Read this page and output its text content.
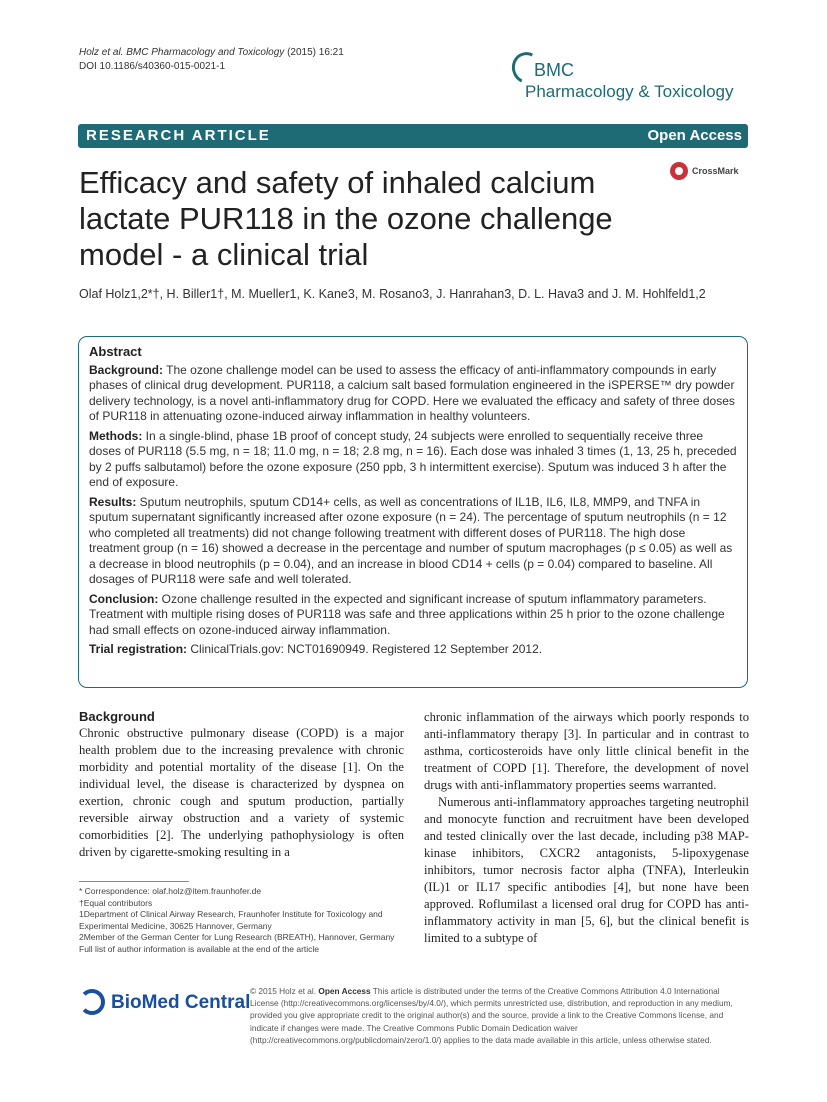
Holz et al. BMC Pharmacology and Toxicology (2015) 16:21
DOI 10.1186/s40360-015-0021-1	BMC
Pharmacology & Toxicology
RESEARCH ARTICLE	Open Access
CrossMark
Efficacy and safety of inhaled calcium lactate PUR118 in the ozone challenge model - a clinical trial
Olaf Holz1,2*†, H. Biller1†, M. Mueller1, K. Kane3, M. Rosano3, J. Hanrahan3, D. L. Hava3 and J. M. Hohlfeld1,2
Abstract

Background: The ozone challenge model can be used to assess the efficacy of anti-inflammatory compounds in early phases of clinical drug development. PUR118, a calcium salt based formulation engineered in the iSPERSE™ dry powder delivery technology, is a novel anti-inflammatory drug for COPD. Here we evaluated the efficacy and safety of three doses of PUR118 in attenuating ozone-induced airway inflammation in healthy volunteers.

Methods: In a single-blind, phase 1B proof of concept study, 24 subjects were enrolled to sequentially receive three doses of PUR118 (5.5 mg, n = 18; 11.0 mg, n = 18; 2.8 mg, n = 16). Each dose was inhaled 3 times (1, 13, 25 h, preceded by 2 puffs salbutamol) before the ozone exposure (250 ppb, 3 h intermittent exercise). Sputum was induced 3 h after the end of exposure.

Results: Sputum neutrophils, sputum CD14+ cells, as well as concentrations of IL1B, IL6, IL8, MMP9, and TNFA in sputum supernatant significantly increased after ozone exposure (n = 24). The percentage of sputum neutrophils (n = 12 who completed all treatments) did not change following treatment with different doses of PUR118. The high dose treatment group (n = 16) showed a decrease in the percentage and number of sputum macrophages (p ≤ 0.05) as well as a decrease in blood neutrophils (p = 0.04), and an increase in blood CD14 + cells (p = 0.04) compared to baseline. All dosages of PUR118 were safe and well tolerated.

Conclusion: Ozone challenge resulted in the expected and significant increase of sputum inflammatory parameters. Treatment with multiple rising doses of PUR118 was safe and three applications within 25 h prior to the ozone challenge had small effects on ozone-induced airway inflammation.

Trial registration: ClinicalTrials.gov: NCT01690949. Registered 12 September 2012.

Background

Chronic obstructive pulmonary disease (COPD) is a major health problem due to the increasing prevalence with chronic morbidity and potential mortality of the disease [1]. On the individual level, the disease is characterized by dyspnea on exertion, chronic cough and sputum production, partially reversible airway obstruction and a variety of systemic comorbidities [2]. The underlying pathophysiology is often driven by cigarette-smoking resulting in a

chronic inflammation of the airways which poorly responds to anti-inflammatory therapy [3]. In particular and in contrast to asthma, corticosteroids have only little clinical benefit in the treatment of COPD [1]. Therefore, the development of novel drugs with anti-inflammatory properties seems warranted.

Numerous anti-inflammatory approaches targeting neutrophil and monocyte function and recruitment have been developed and tested clinically over the last decade, including p38 MAP-kinase inhibitors, CXCR2 antagonists, 5-lipoxygenase inhibitors, tumor necrosis factor alpha (TNFA), Interleukin (IL)1 or IL17 specific antibodies [4], but none have been approved. Roflumilast a licensed oral drug for COPD has anti-inflammatory activity in man [5, 6], but the clinical benefit is limited to a subtype of

* Correspondence: olaf.holz@item.fraunhofer.de

†Equal contributors

1Department of Clinical Airway Research, Fraunhofer Institute for Toxicology and Experimental Medicine, 30625 Hannover, Germany

2Member of the German Center for Lung Research (BREATH), Hannover, Germany

Full list of author information is available at the end of the article

BioMed Central
© 2015 Holz et al. Open Access This article is distributed under the terms of the Creative Commons Attribution 4.0 International License (http://creativecommons.org/licenses/by/4.0/), which permits unrestricted use, distribution, and reproduction in any medium, provided you give appropriate credit to the original author(s) and the source, provide a link to the Creative Commons license, and indicate if changes were made. The Creative Commons Public Domain Dedication waiver (http://creativecommons.org/publicdomain/zero/1.0/) applies to the data made available in this article, unless otherwise stated.
